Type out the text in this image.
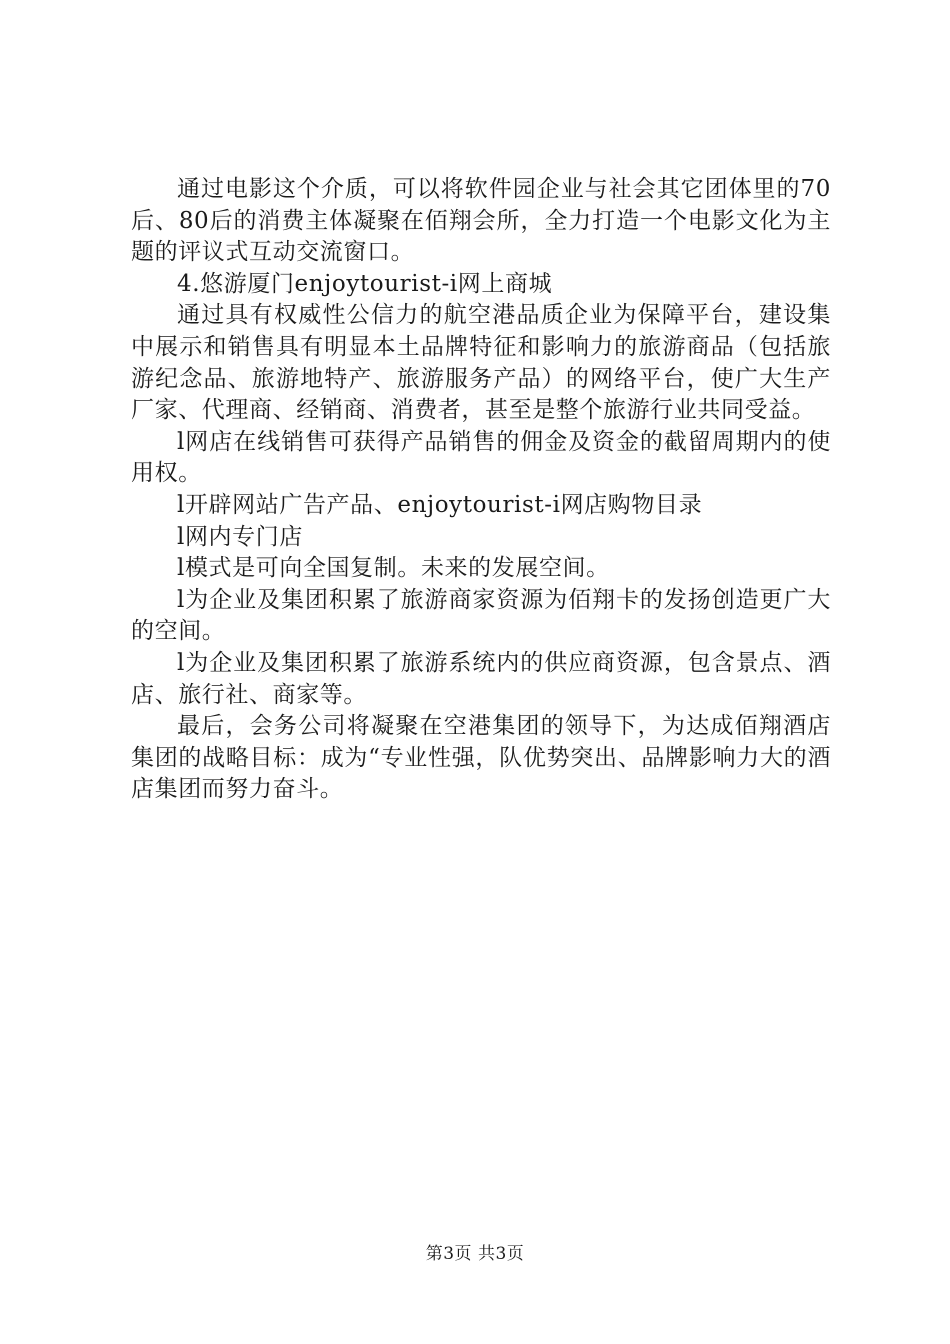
通过电影这个介质，可以将软件园企业与社会其它团体里的70后、80后的消费主体凝聚在佰翔会所，全力打造一个电影文化为主题的评议式互动交流窗口。

4.悠游厦门enjoytourist-i网上商城

通过具有权威性公信力的航空港品质企业为保障平台，建设集中展示和销售具有明显本土品牌特征和影响力的旅游商品（包括旅游纪念品、旅游地特产、旅游服务产品）的网络平台，使广大生产厂家、代理商、经销商、消费者，甚至是整个旅游行业共同受益。

l网店在线销售可获得产品销售的佣金及资金的截留周期内的使用权。

l开辟网站广告产品、enjoytourist-i网店购物目录

l网内专门店

l模式是可向全国复制。未来的发展空间。

l为企业及集团积累了旅游商家资源为佰翔卡的发扬创造更广大的空间。

l为企业及集团积累了旅游系统内的供应商资源，包含景点、酒店、旅行社、商家等。

最后，会务公司将凝聚在空港集团的领导下，为达成佰翔酒店集团的战略目标：成为“专业性强，队优势突出、品牌影响力大的酒店集团而努力奋斗。

第3页 共3页
